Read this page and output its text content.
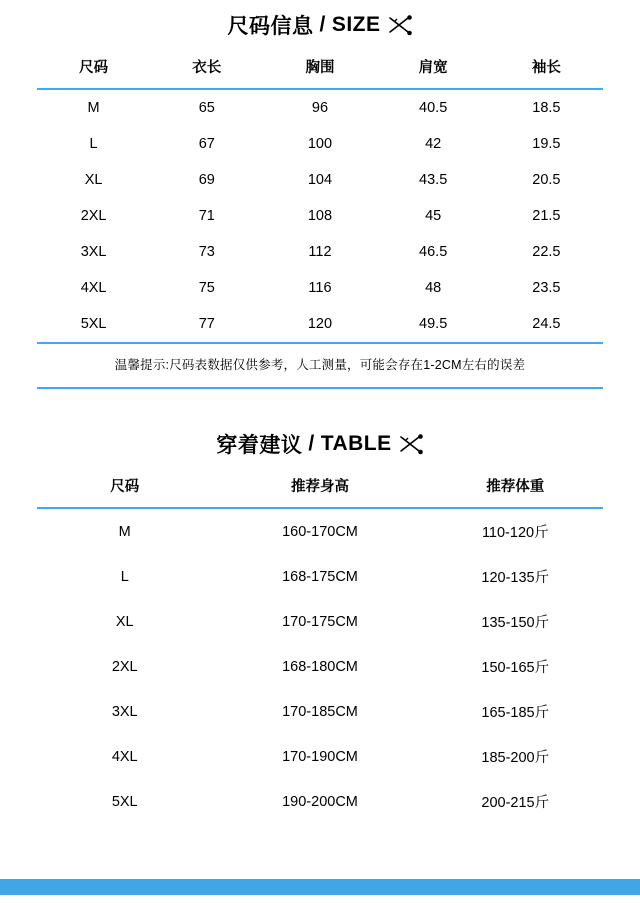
尺码信息 / SIZE
尺码	衣长	胸围	肩宽	袖长
M	65	96	40.5	18.5
L	67	100	42	19.5
XL	69	104	43.5	20.5
2XL	71	108	45	21.5
3XL	73	112	46.5	22.5
4XL	75	116	48	23.5
5XL	77	120	49.5	24.5
温馨提示:尺码表数据仅供参考，人工测量，可能会存在1-2CM左右的误差				
穿着建议 / TABLE
尺码	推荐身高	推荐体重
M	160-170CM	110-120斤
L	168-175CM	120-135斤
XL	170-175CM	135-150斤
2XL	168-180CM	150-165斤
3XL	170-185CM	165-185斤
4XL	170-190CM	185-200斤
5XL	190-200CM	200-215斤
